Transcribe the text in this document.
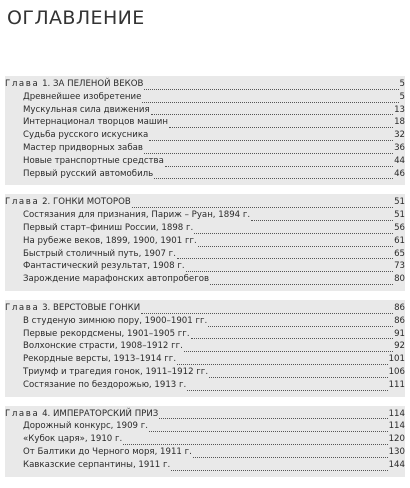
ОГЛАВЛЕНИЕ
Глава 1. ЗА ПЕЛЕНОЙ ВЕКОВ	5
Древнейшее изобретение	5
Мускульная сила движения	13
Интернационал творцов машин	18
Судьба русского искусника	32
Мастер придворных забав	36
Новые транспортные средства	44
Первый русский автомобиль	46
Глава 2. ГОНКИ МОТОРОВ	51
Состязания для признания, Париж – Руан, 1894 г.	51
Первый старт–финиш России, 1898 г.	56
На рубеже веков, 1899, 1900, 1901 гг.	61
Быстрый столичный путь, 1907 г.	65
Фантастический результат, 1908 г.	73
Зарождение марафонских автопробегов	80
Глава 3. ВЕРСТОВЫЕ ГОНКИ	86
В студеную зимнюю пору, 1900–1901 гг.	86
Первые рекордсмены, 1901–1905 гг.	91
Волхонские страсти, 1908–1912 гг.	92
Рекордные версты, 1913–1914 гг.	101
Триумф и трагедия гонок, 1911–1912 гг.	106
Состязание по бездорожью, 1913 г.	111
Глава 4. ИМПЕРАТОРСКИЙ ПРИЗ	114
Дорожный конкурс, 1909 г.	114
«Кубок царя», 1910 г.	120
От Балтики до Черного моря, 1911 г.	130
Кавказские серпантины, 1911 г.	144
